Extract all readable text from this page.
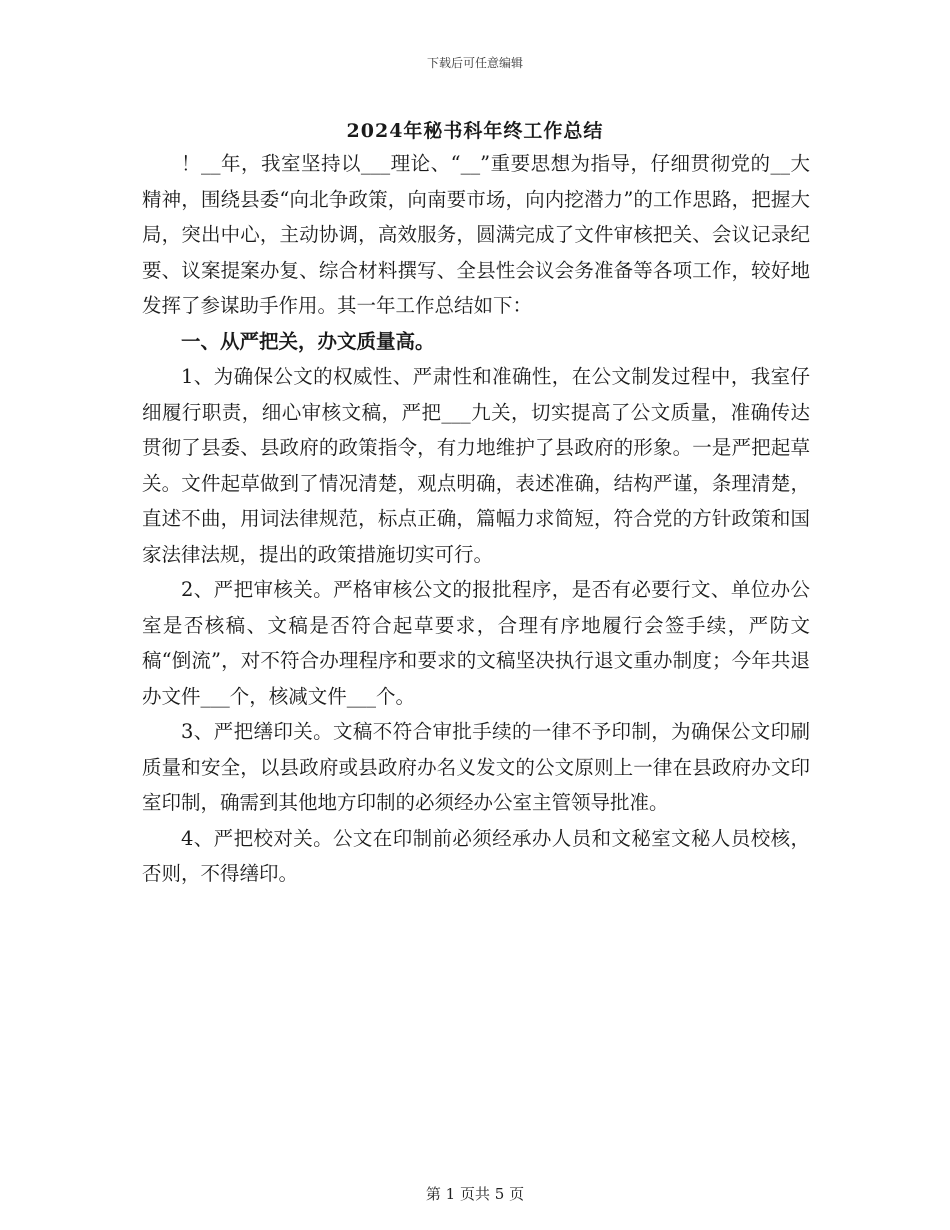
下载后可任意编辑
2024年秘书科年终工作总结

！__年，我室坚持以___理论、“__”重要思想为指导，仔细贯彻党的__大精神，围绕县委“向北争政策，向南要市场，向内挖潜力”的工作思路，把握大局，突出中心，主动协调，高效服务，圆满完成了文件审核把关、会议记录纪要、议案提案办复、综合材料撰写、全县性会议会务准备等各项工作，较好地发挥了参谋助手作用。其一年工作总结如下：

一、从严把关，办文质量高。

1、为确保公文的权威性、严肃性和准确性，在公文制发过程中，我室仔细履行职责，细心审核文稿，严把___九关，切实提高了公文质量，准确传达贯彻了县委、县政府的政策指令，有力地维护了县政府的形象。一是严把起草关。文件起草做到了情况清楚，观点明确，表述准确，结构严谨，条理清楚，直述不曲，用词法律规范，标点正确，篇幅力求简短，符合党的方针政策和国家法律法规，提出的政策措施切实可行。

2、严把审核关。严格审核公文的报批程序，是否有必要行文、单位办公室是否核稿、文稿是否符合起草要求，合理有序地履行会签手续，严防文稿“倒流”，对不符合办理程序和要求的文稿坚决执行退文重办制度；今年共退办文件___个，核减文件___个。

3、严把缮印关。文稿不符合审批手续的一律不予印制，为确保公文印刷质量和安全，以县政府或县政府办名义发文的公文原则上一律在县政府办文印室印制，确需到其他地方印制的必须经办公室主管领导批准。

4、严把校对关。公文在印制前必须经承办人员和文秘室文秘人员校核，否则，不得缮印。

第 1 页共 5 页
